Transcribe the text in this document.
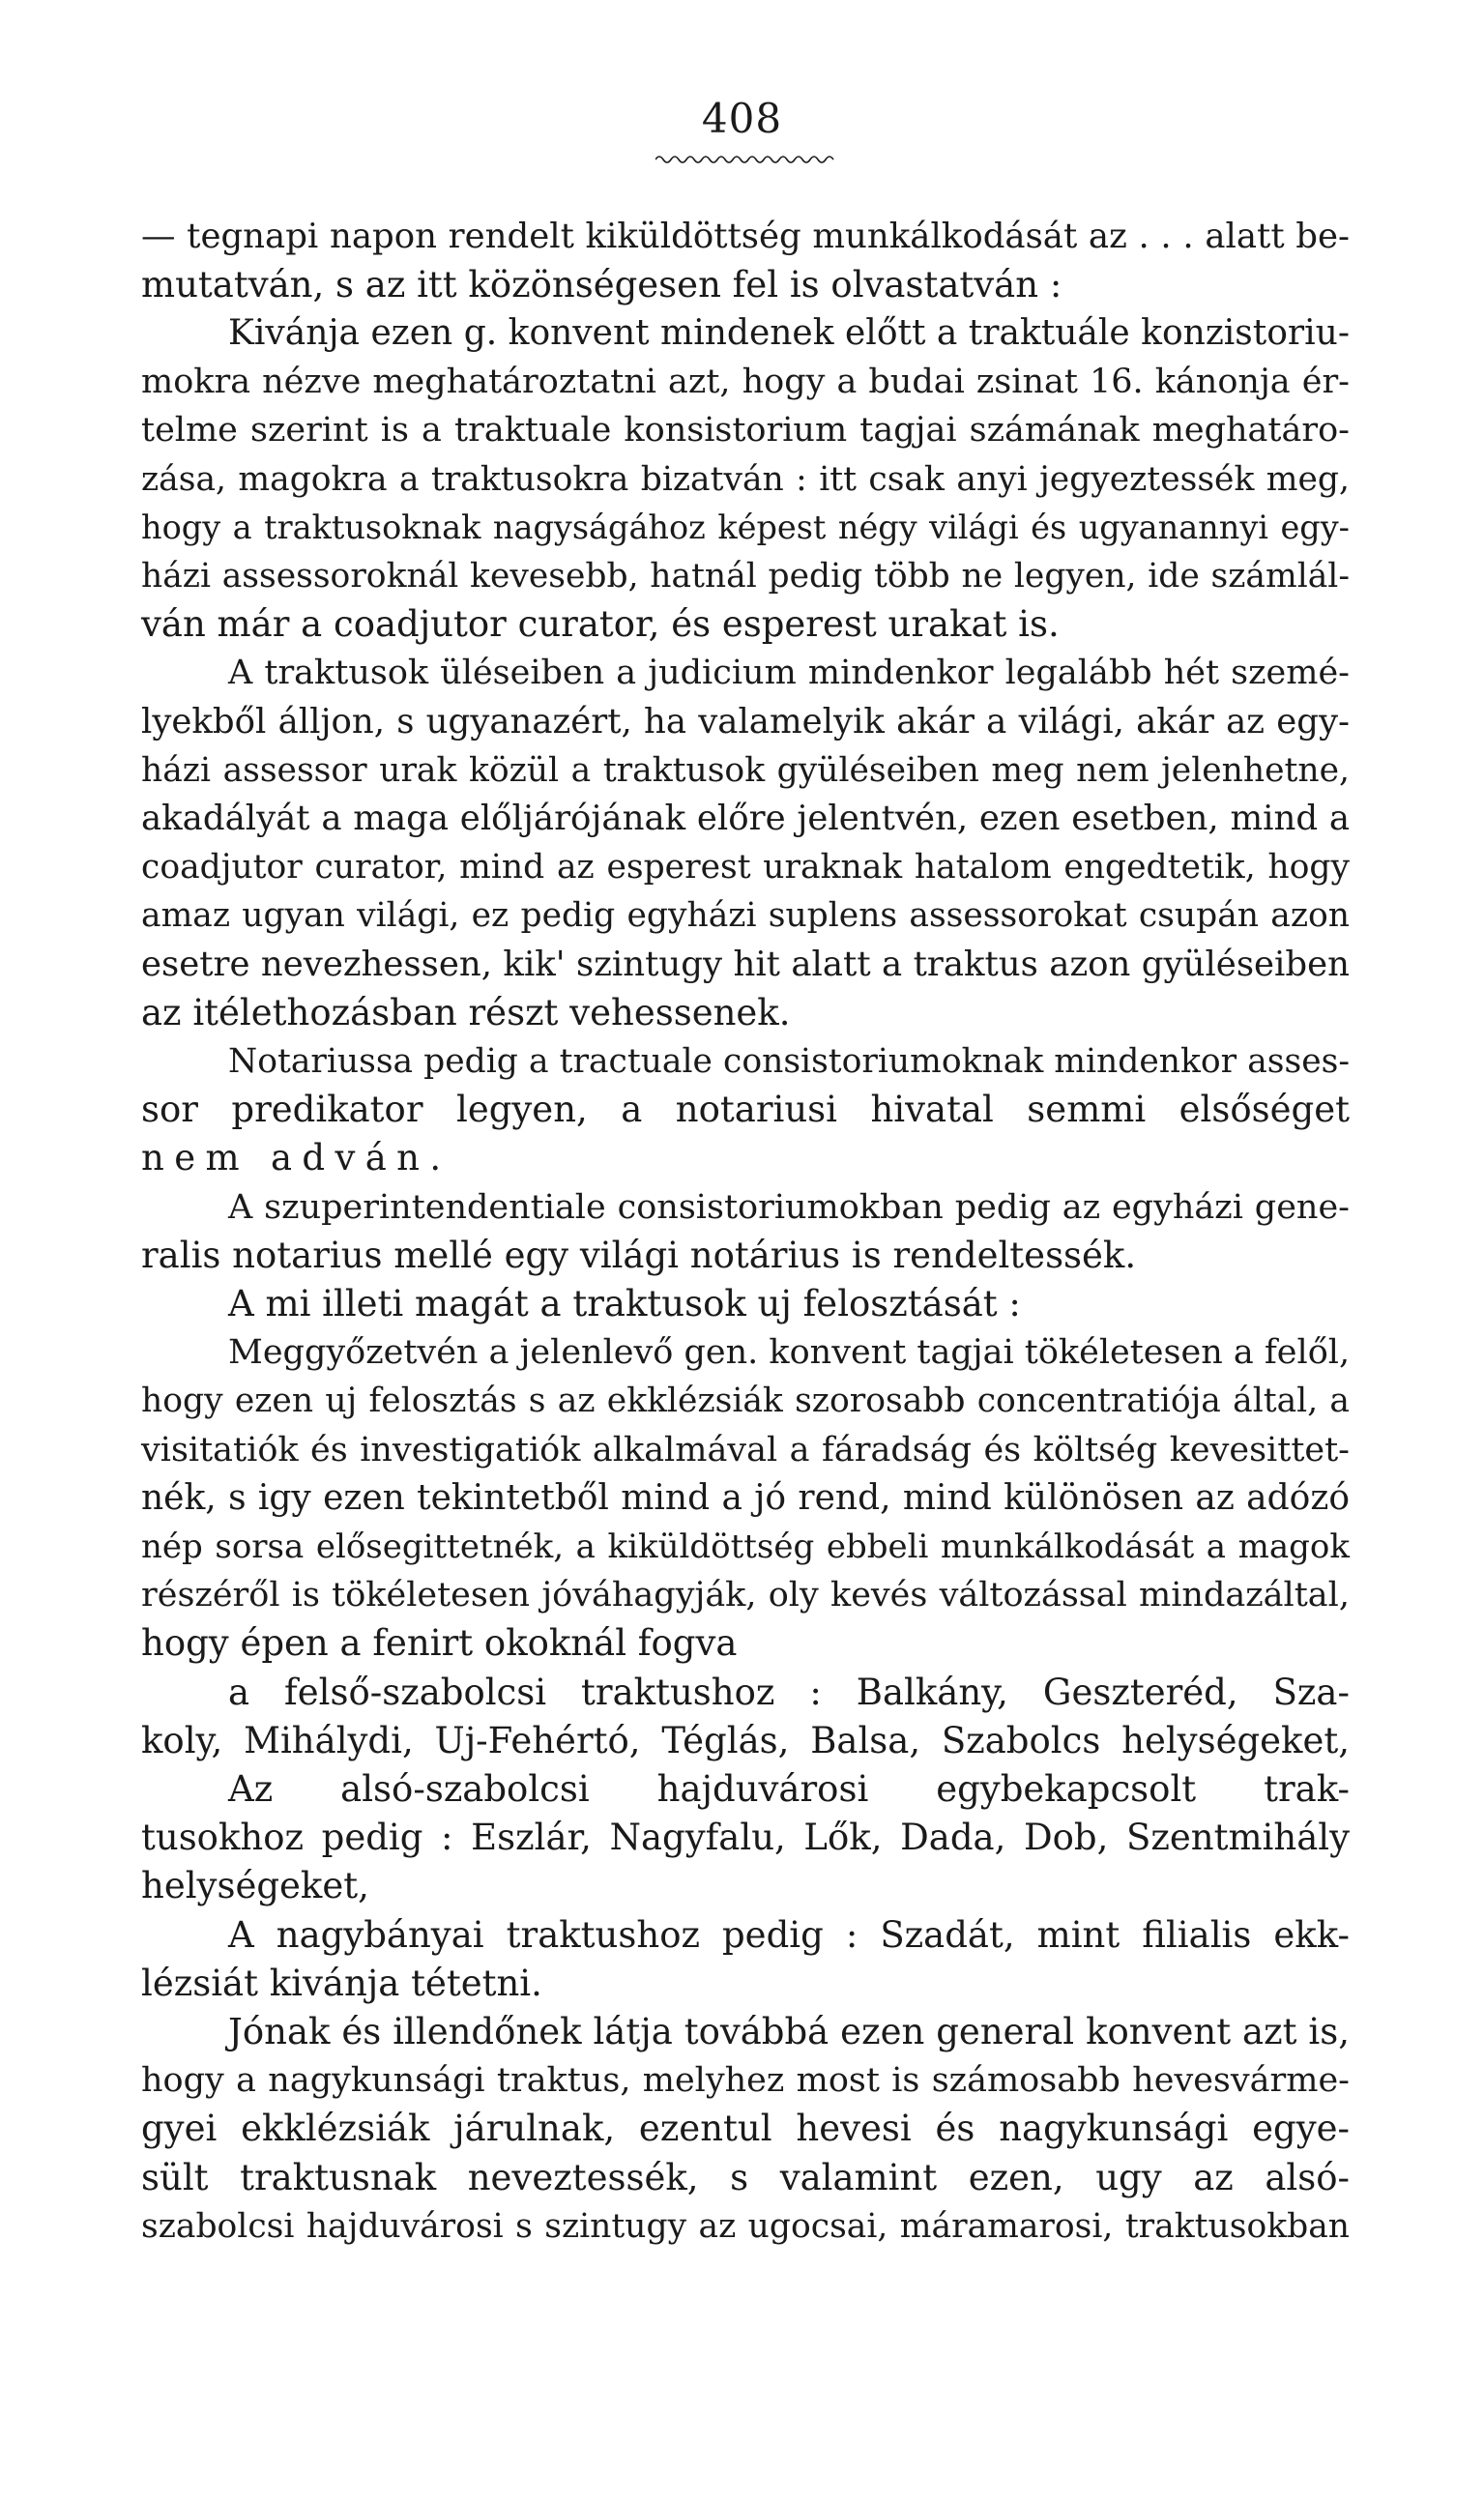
408
— tegnapi napon rendelt kiküldöttség munkálkodását az . . . alatt be-
mutatván, s az itt közönségesen fel is olvastatván :
Kivánja ezen g. konvent mindenek előtt a traktuále konzistoriu-
mokra nézve meghatároztatni azt, hogy a budai zsinat 16. kánonja ér-
telme szerint is a traktuale konsistorium tagjai számának meghatáro-
zása, magokra a traktusokra bizatván : itt csak anyi jegyeztessék meg,
hogy a traktusoknak nagyságához képest négy világi és ugyanannyi egy-
házi assessoroknál kevesebb, hatnál pedig több ne legyen, ide számlál-
ván már a coadjutor curator, és esperest urakat is.
A traktusok üléseiben a judicium mindenkor legalább hét szemé-
lyekből álljon, s ugyanazért, ha valamelyik akár a világi, akár az egy-
házi assessor urak közül a traktusok gyüléseiben meg nem jelenhetne,
akadályát a maga előljárójának előre jelentvén, ezen esetben, mind a
coadjutor curator, mind az esperest uraknak hatalom engedtetik, hogy
amaz ugyan világi, ez pedig egyházi suplens assessorokat csupán azon
esetre nevezhessen, kik' szintugy hit alatt a traktus azon gyüléseiben
az itélethozásban részt vehessenek.
Notariussa pedig a tractuale consistoriumoknak mindenkor asses-
sor predikator legyen, a notariusi hivatal semmi elsőséget
nem adván.
A szuperintendentiale consistoriumokban pedig az egyházi gene-
ralis notarius mellé egy világi notárius is rendeltessék.
A mi illeti magát a traktusok uj felosztását :
Meggyőzetvén a jelenlevő gen. konvent tagjai tökéletesen a felől,
hogy ezen uj felosztás s az ekklézsiák szorosabb concentratiója által, a
visitatiók és investigatiók alkalmával a fáradság és költség kevesittet-
nék, s igy ezen tekintetből mind a jó rend, mind különösen az adózó
nép sorsa elősegittetnék, a kiküldöttség ebbeli munkálkodását a magok
részéről is tökéletesen jóváhagyják, oly kevés változással mindazáltal,
hogy épen a fenirt okoknál fogva
a felső-szabolcsi traktushoz : Balkány, Geszteréd, Sza-
koly, Mihálydi, Uj-Fehértó, Téglás, Balsa, Szabolcs helységeket,
Az alsó-szabolcsi hajduvárosi egybekapcsolt trak-
tusokhoz pedig : Eszlár, Nagyfalu, Lők, Dada, Dob, Szentmihály
helységeket,
A nagybányai traktushoz pedig : Szadát, mint filialis ekk-
lézsiát kivánja tétetni.
Jónak és illendőnek látja továbbá ezen general konvent azt is,
hogy a nagykunsági traktus, melyhez most is számosabb hevesvárme-
gyei ekklézsiák járulnak, ezentul hevesi és nagykunsági egye-
sült traktusnak neveztessék, s valamint ezen, ugy az alsó-
szabolcsi hajduvárosi s szintugy az ugocsai, máramarosi, traktusokban
